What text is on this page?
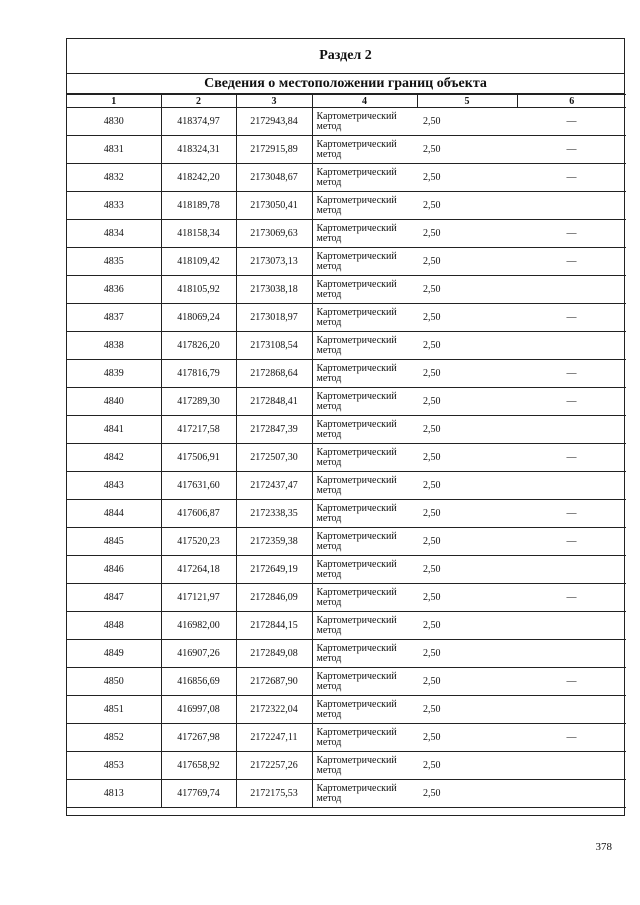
Раздел 2
Сведения о местоположении границ объекта
1	2	3	4	5	6
4830	418374,97	2172943,84	Картометрический метод	2,50	—
4831	418324,31	2172915,89	Картометрический метод	2,50	—
4832	418242,20	2173048,67	Картометрический метод	2,50	—
4833	418189,78	2173050,41	Картометрический метод	2,50	
4834	418158,34	2173069,63	Картометрический метод	2,50	—
4835	418109,42	2173073,13	Картометрический метод	2,50	—
4836	418105,92	2173038,18	Картометрический метод	2,50	
4837	418069,24	2173018,97	Картометрический метод	2,50	—
4838	417826,20	2173108,54	Картометрический метод	2,50	
4839	417816,79	2172868,64	Картометрический метод	2,50	—
4840	417289,30	2172848,41	Картометрический метод	2,50	—
4841	417217,58	2172847,39	Картометрический метод	2,50	
4842	417506,91	2172507,30	Картометрический метод	2,50	—
4843	417631,60	2172437,47	Картометрический метод	2,50	
4844	417606,87	2172338,35	Картометрический метод	2,50	—
4845	417520,23	2172359,38	Картометрический метод	2,50	—
4846	417264,18	2172649,19	Картометрический метод	2,50	
4847	417121,97	2172846,09	Картометрический метод	2,50	—
4848	416982,00	2172844,15	Картометрический метод	2,50	
4849	416907,26	2172849,08	Картометрический метод	2,50	
4850	416856,69	2172687,90	Картометрический метод	2,50	—
4851	416997,08	2172322,04	Картометрический метод	2,50	
4852	417267,98	2172247,11	Картометрический метод	2,50	—
4853	417658,92	2172257,26	Картометрический метод	2,50	
4813	417769,74	2172175,53	Картометрический метод	2,50	
378
